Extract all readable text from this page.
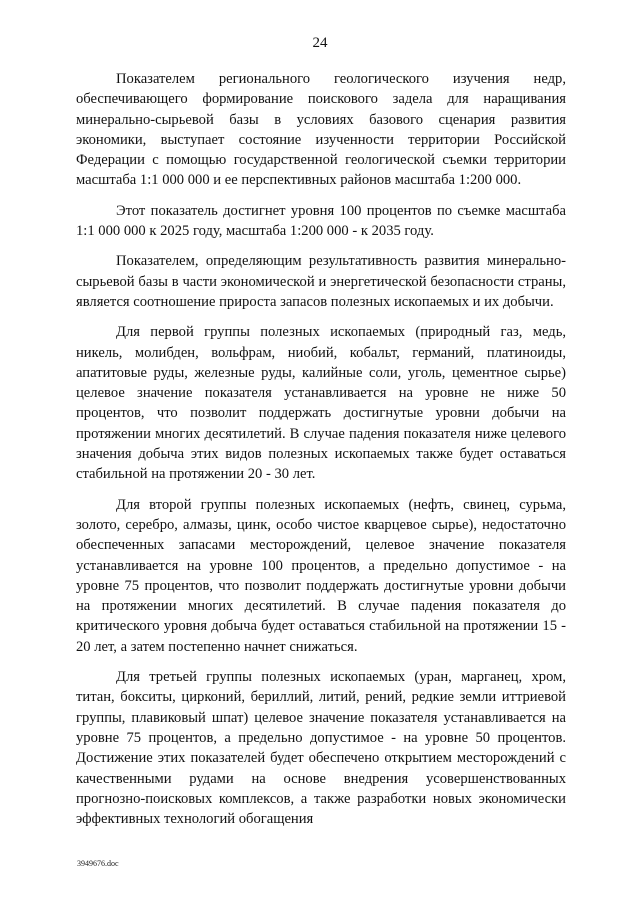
24

Показателем регионального геологического изучения недр, обеспечивающего формирование поискового задела для наращивания минерально-сырьевой базы в условиях базового сценария развития экономики, выступает состояние изученности территории Российской Федерации с помощью государственной геологической съемки территории масштаба 1:1 000 000 и ее перспективных районов масштаба 1:200 000.

Этот показатель достигнет уровня 100 процентов по съемке масштаба 1:1 000 000 к 2025 году, масштаба 1:200 000 - к 2035 году.

Показателем, определяющим результативность развития минерально-сырьевой базы в части экономической и энергетической безопасности страны, является соотношение прироста запасов полезных ископаемых и их добычи.

Для первой группы полезных ископаемых (природный газ, медь, никель, молибден, вольфрам, ниобий, кобальт, германий, платиноиды, апатитовые руды, железные руды, калийные соли, уголь, цементное сырье) целевое значение показателя устанавливается на уровне не ниже 50 процентов, что позволит поддержать достигнутые уровни добычи на протяжении многих десятилетий. В случае падения показателя ниже целевого значения добыча этих видов полезных ископаемых также будет оставаться стабильной на протяжении 20 - 30 лет.

Для второй группы полезных ископаемых (нефть, свинец, сурьма, золото, серебро, алмазы, цинк, особо чистое кварцевое сырье), недостаточно обеспеченных запасами месторождений, целевое значение показателя устанавливается на уровне 100 процентов, а предельно допустимое - на уровне 75 процентов, что позволит поддержать достигнутые уровни добычи на протяжении многих десятилетий. В случае падения показателя до критического уровня добыча будет оставаться стабильной на протяжении 15 - 20 лет, а затем постепенно начнет снижаться.

Для третьей группы полезных ископаемых (уран, марганец, хром, титан, бокситы, цирконий, бериллий, литий, рений, редкие земли иттриевой группы, плавиковый шпат) целевое значение показателя устанавливается на уровне 75 процентов, а предельно допустимое - на уровне 50 процентов. Достижение этих показателей будет обеспечено открытием месторождений с качественными рудами на основе внедрения усовершенствованных прогнозно-поисковых комплексов, а также разработки новых экономически эффективных технологий обогащения

3949676.doc
